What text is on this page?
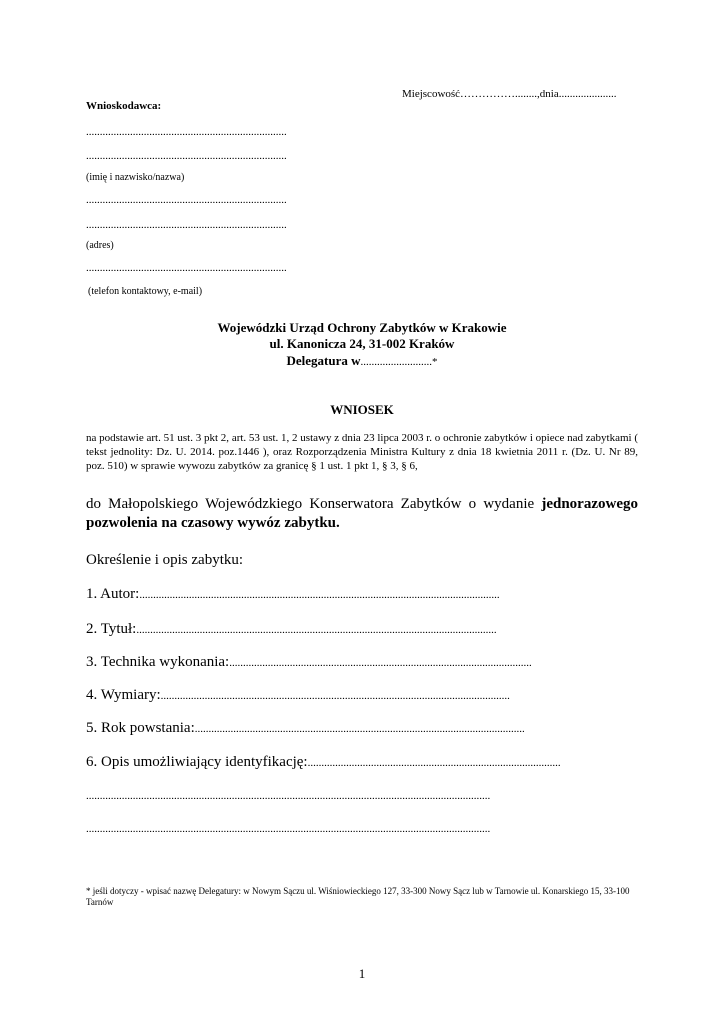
Miejscowość……………........,dnia.....................
Wnioskodawca:
.........................................................................
.........................................................................
(imię i nazwisko/nazwa)
.........................................................................
.........................................................................
(adres)
.........................................................................
(telefon kontaktowy, e-mail)
Wojewódzki Urząd Ochrony Zabytków w Krakowie
ul. Kanonicza 24, 31-002 Kraków
Delegatura w..........................*
WNIOSEK
na podstawie art. 51 ust. 3 pkt 2, art. 53 ust. 1, 2 ustawy z dnia 23 lipca 2003 r. o ochronie zabytków i opiece nad zabytkami ( tekst jednolity: Dz. U. 2014. poz.1446 ), oraz Rozporządzenia Ministra Kultury z dnia 18 kwietnia 2011 r. (Dz. U. Nr 89, poz. 510) w sprawie wywozu zabytków za granicę § 1 ust. 1 pkt 1, § 3, § 6,
do Małopolskiego Wojewódzkiego Konserwatora Zabytków o wydanie jednorazowego pozwolenia na czasowy wywóz zabytku.
Określenie i opis zabytku:
1. Autor:...................................................................................................................................
2. Tytuł:...................................................................................................................................
3. Technika wykonania:..............................................................................................................
4. Wymiary:...............................................................................................................................
5. Rok powstania:........................................................................................................................
6. Opis umożliwiający identyfikację:............................................................................................
...................................................................................................................................................
...................................................................................................................................................
* jeśli dotyczy - wpisać nazwę Delegatury: w Nowym Sączu ul. Wiśniowieckiego 127, 33-300 Nowy Sącz lub w Tarnowie ul. Konarskiego 15, 33-100 Tarnów
1
